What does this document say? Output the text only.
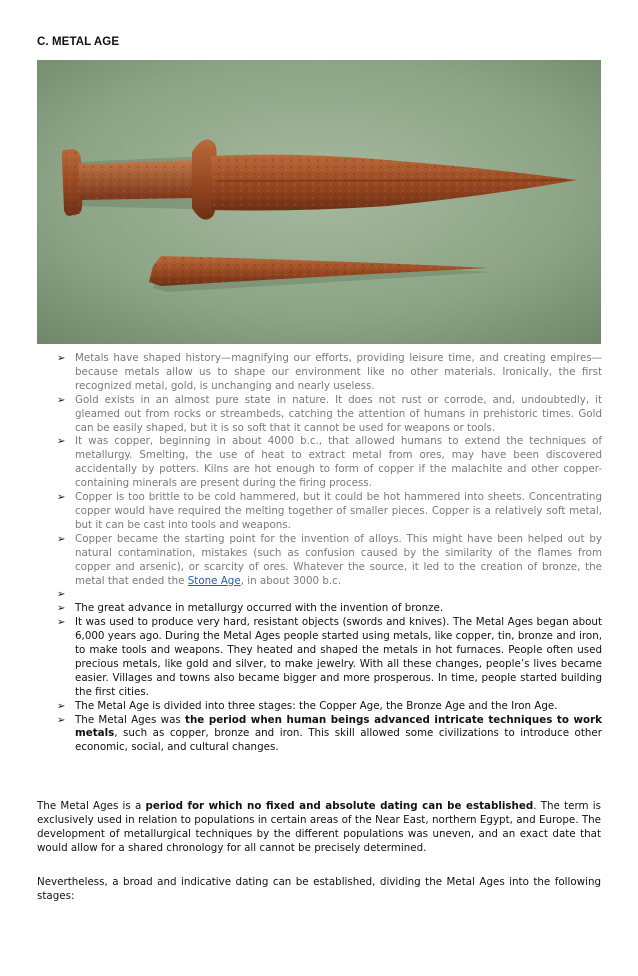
C. METAL AGE
➢ Metals have shaped history—magnifying our efforts, providing leisure time, and creating empires—because metals allow us to shape our environment like no other materials. Ironically, the first recognized metal, gold, is unchanging and nearly useless.
➢ Gold exists in an almost pure state in nature. It does not rust or corrode, and, undoubtedly, it gleamed out from rocks or streambeds, catching the attention of humans in prehistoric times. Gold can be easily shaped, but it is so soft that it cannot be used for weapons or tools.
➢ It was copper, beginning in about 4000 b.c., that allowed humans to extend the techniques of metallurgy. Smelting, the use of heat to extract metal from ores, may have been discovered accidentally by potters. Kilns are hot enough to form of copper if the malachite and other copper-containing minerals are present during the firing process.
➢ Copper is too brittle to be cold hammered, but it could be hot hammered into sheets. Concentrating copper would have required the melting together of smaller pieces. Copper is a relatively soft metal, but it can be cast into tools and weapons.
➢ Copper became the starting point for the invention of alloys. This might have been helped out by natural contamination, mistakes (such as confusion caused by the similarity of the flames from copper and arsenic), or scarcity of ores. Whatever the source, it led to the creation of bronze, the metal that ended the Stone Age, in about 3000 b.c.
➢
➢ The great advance in metallurgy occurred with the invention of bronze.
➢ It was used to produce very hard, resistant objects (swords and knives). The Metal Ages began about 6,000 years ago. During the Metal Ages people started using metals, like copper, tin, bronze and iron, to make tools and weapons. They heated and shaped the metals in hot furnaces. People often used precious metals, like gold and silver, to make jewelry. With all these changes, people’s lives became easier. Villages and towns also became bigger and more prosperous. In time, people started building the first cities.
➢ The Metal Age is divided into three stages: the Copper Age, the Bronze Age and the Iron Age.
➢ The Metal Ages was the period when human beings advanced intricate techniques to work metals, such as copper, bronze and iron. This skill allowed some civilizations to introduce other economic, social, and cultural changes.

The Metal Ages is a period for which no fixed and absolute dating can be established. The term is exclusively used in relation to populations in certain areas of the Near East, northern Egypt, and Europe. The development of metallurgical techniques by the different populations was uneven, and an exact date that would allow for a shared chronology for all cannot be precisely determined.

Nevertheless, a broad and indicative dating can be established, dividing the Metal Ages into the following stages:
